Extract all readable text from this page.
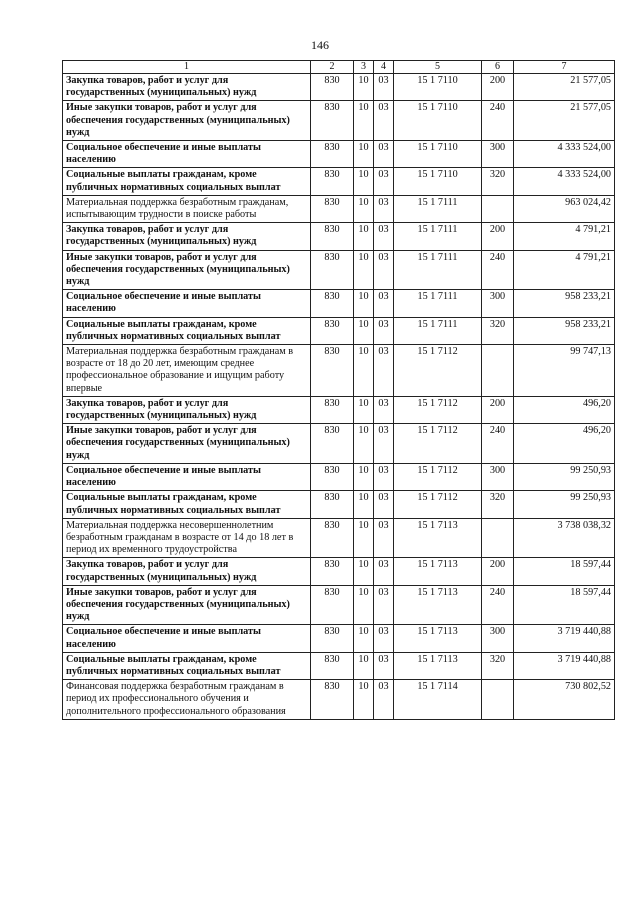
146
1	2	3	4	5	6	7
Закупка товаров, работ и услуг для государственных (муниципальных) нужд	830	10	03	15 1 7110	200	21 577,05
Иные закупки товаров, работ и услуг для обеспечения государственных (муниципальных) нужд	830	10	03	15 1 7110	240	21 577,05
Социальное обеспечение и иные выплаты населению	830	10	03	15 1 7110	300	4 333 524,00
Социальные выплаты гражданам, кроме публичных нормативных социальных выплат	830	10	03	15 1 7110	320	4 333 524,00
Материальная поддержка безработным гражданам, испытывающим трудности в поиске работы	830	10	03	15 1 7111		963 024,42
Закупка товаров, работ и услуг для государственных (муниципальных) нужд	830	10	03	15 1 7111	200	4 791,21
Иные закупки товаров, работ и услуг для обеспечения государственных (муниципальных) нужд	830	10	03	15 1 7111	240	4 791,21
Социальное обеспечение и иные выплаты населению	830	10	03	15 1 7111	300	958 233,21
Социальные выплаты гражданам, кроме публичных нормативных социальных выплат	830	10	03	15 1 7111	320	958 233,21
Материальная поддержка безработным гражданам в возрасте от 18 до 20 лет, имеющим среднее профессиональное образование и ищущим работу впервые	830	10	03	15 1 7112		99 747,13
Закупка товаров, работ и услуг для государственных (муниципальных) нужд	830	10	03	15 1 7112	200	496,20
Иные закупки товаров, работ и услуг для обеспечения государственных (муниципальных) нужд	830	10	03	15 1 7112	240	496,20
Социальное обеспечение и иные выплаты населению	830	10	03	15 1 7112	300	99 250,93
Социальные выплаты гражданам, кроме публичных нормативных социальных выплат	830	10	03	15 1 7112	320	99 250,93
Материальная поддержка несовершеннолетним безработным гражданам в возрасте от 14 до 18 лет в период их временного трудоустройства	830	10	03	15 1 7113		3 738 038,32
Закупка товаров, работ и услуг для государственных (муниципальных) нужд	830	10	03	15 1 7113	200	18 597,44
Иные закупки товаров, работ и услуг для обеспечения государственных (муниципальных) нужд	830	10	03	15 1 7113	240	18 597,44
Социальное обеспечение и иные выплаты населению	830	10	03	15 1 7113	300	3 719 440,88
Социальные выплаты гражданам, кроме публичных нормативных социальных выплат	830	10	03	15 1 7113	320	3 719 440,88
Финансовая поддержка безработным гражданам в период их профессионального обучения и дополнительного профессионального образования	830	10	03	15 1 7114		730 802,52
